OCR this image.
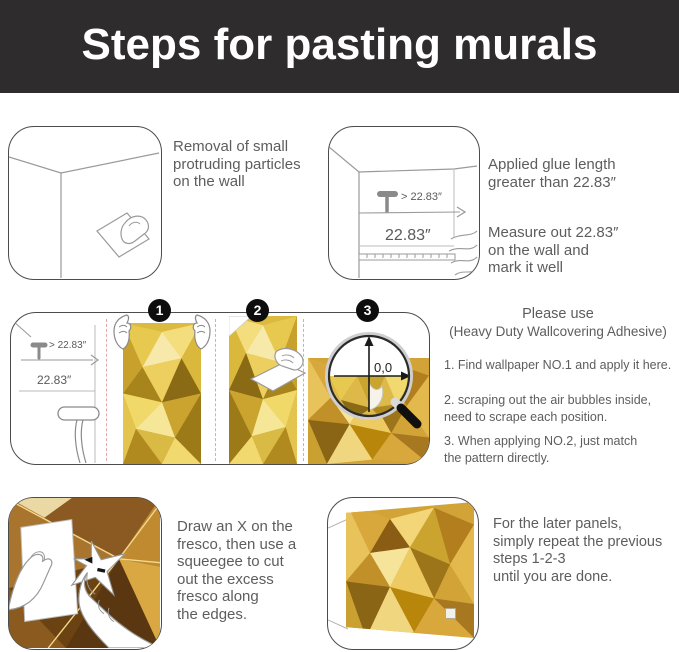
Steps for pasting murals
Removal of small
protruding particles
on the wall
> 22.83″
22.83″
Applied glue length
greater than 22.83″
Measure out 22.83″
on the wall and
mark it well
> 22.83″
22.83″
0,0
1	2	3	Please use
(Heavy Duty Wallcovering Adhesive)
1. Find wallpaper NO.1 and apply it here.
2. scraping out the air bubbles inside,
need to scrape each position.
3. When applying NO.2, just match
the pattern directly.
Draw an X on the
fresco, then use a
squeegee to cut
out the excess
fresco along
the edges.
For the later panels,
simply repeat the previous
steps 1-2-3
until you are done.
